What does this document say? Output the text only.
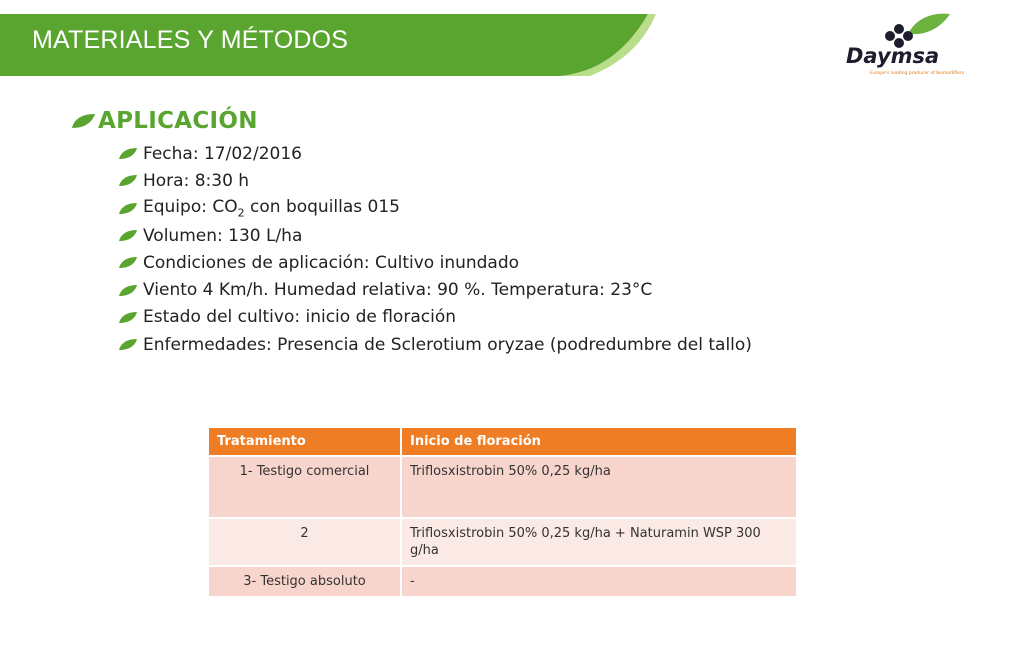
MATERIALES Y MÉTODOS
Daymsa
Europe's leading producer of biomodifiers
APLICACIÓN
Fecha: 17/02/2016
Hora: 8:30 h
Equipo: $CO_2$ con boquillas 015
Volumen: 130 L/ha
Condiciones de aplicación: Cultivo inundado
Viento 4 Km/h. Humedad relativa: 90 %. Temperatura: 23°C
Estado del cultivo: inicio de floración
Enfermedades: Presencia de Sclerotium oryzae (podredumbre del tallo)
Tratamiento	Inicio de floración
1- Testigo comercial	Triflosxistrobin 50% 0,25 kg/ha
2	Triflosxistrobin 50% 0,25 kg/ha + Naturamin WSP 300 g/ha
3- Testigo absoluto	-
